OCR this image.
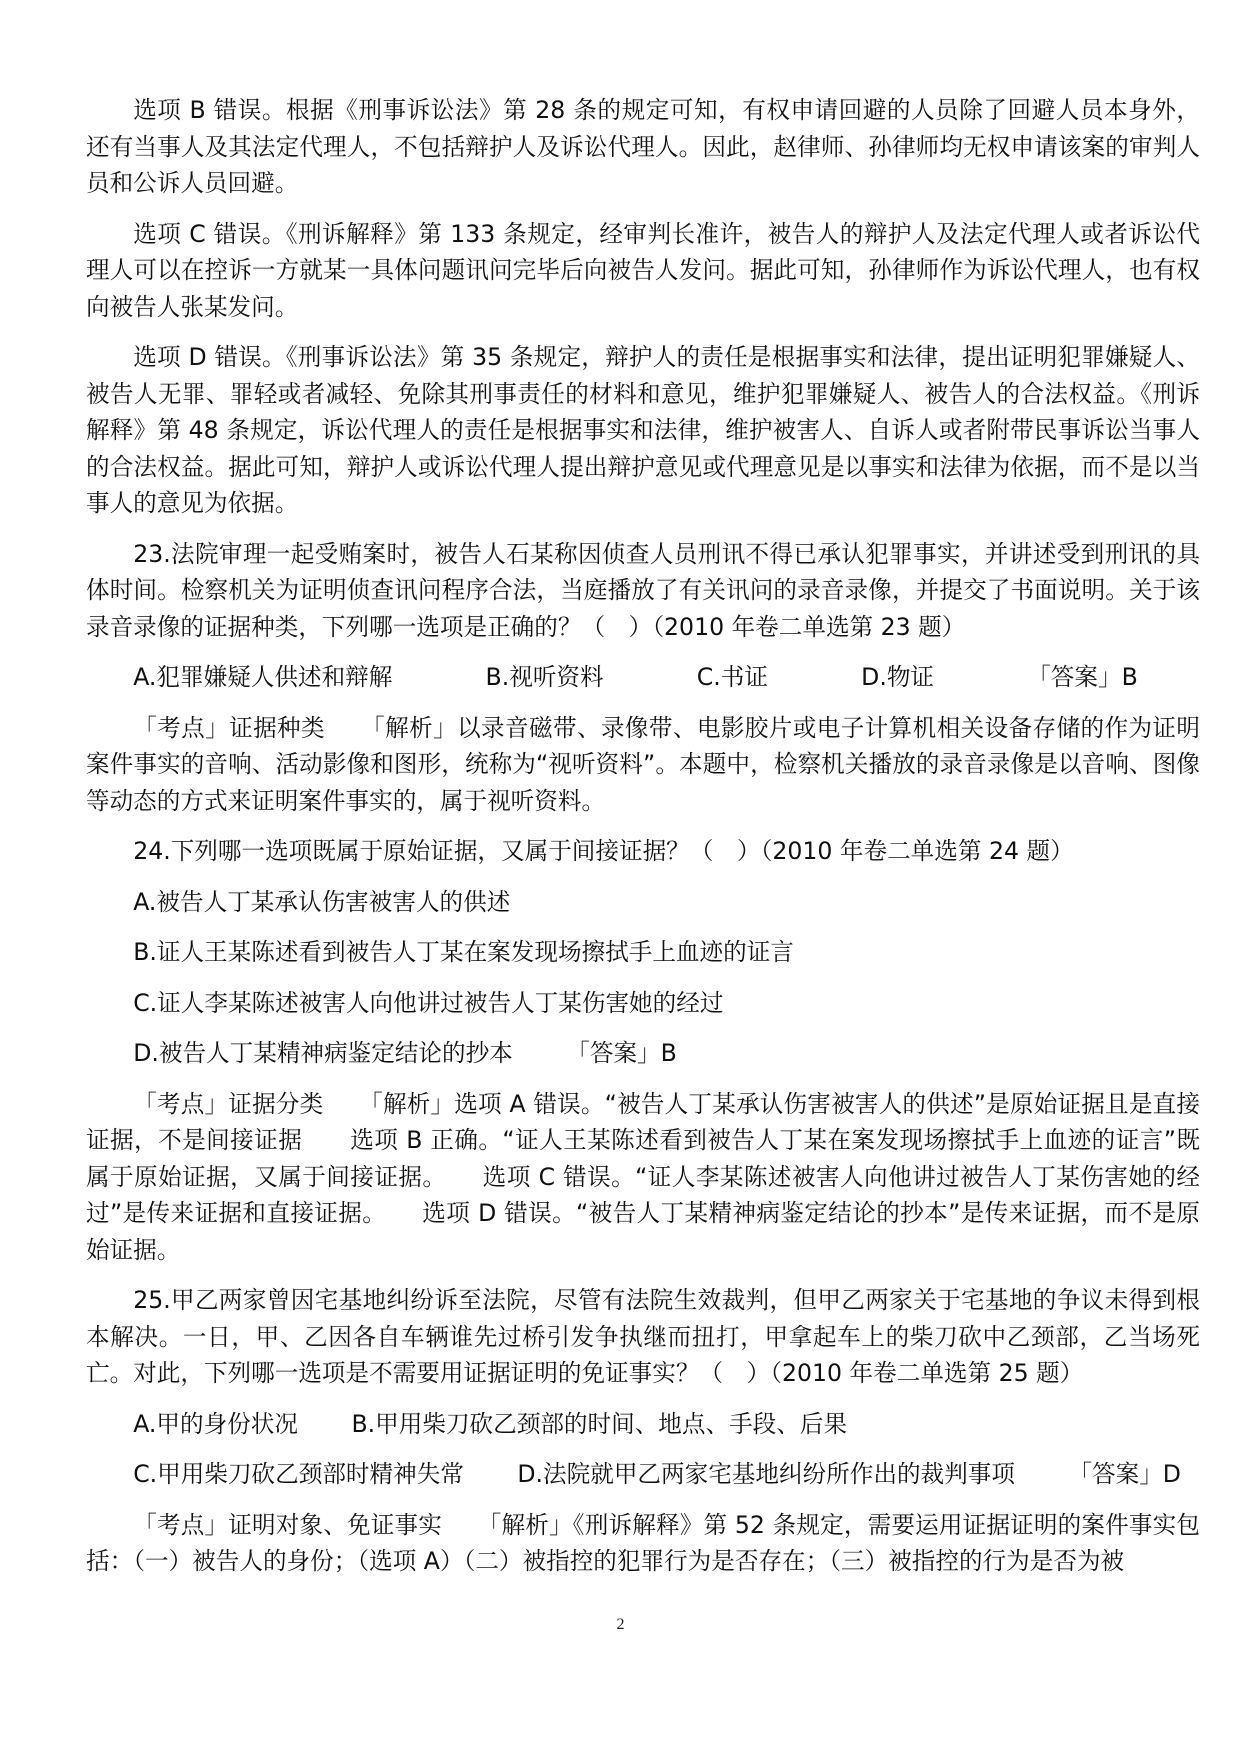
选项 B 错误。根据《刑事诉讼法》第 28 条的规定可知，有权申请回避的人员除了回避人员本身外，还有当事人及其法定代理人，不包括辩护人及诉讼代理人。因此，赵律师、孙律师均无权申请该案的审判人员和公诉人员回避。

选项 C 错误。《刑诉解释》第 133 条规定，经审判长准许，被告人的辩护人及法定代理人或者诉讼代理人可以在控诉一方就某一具体问题讯问完毕后向被告人发问。据此可知，孙律师作为诉讼代理人，也有权向被告人张某发问。

选项 D 错误。《刑事诉讼法》第 35 条规定，辩护人的责任是根据事实和法律，提出证明犯罪嫌疑人、被告人无罪、罪轻或者减轻、免除其刑事责任的材料和意见，维护犯罪嫌疑人、被告人的合法权益。《刑诉解释》第 48 条规定，诉讼代理人的责任是根据事实和法律，维护被害人、自诉人或者附带民事诉讼当事人的合法权益。据此可知，辩护人或诉讼代理人提出辩护意见或代理意见是以事实和法律为依据，而不是以当事人的意见为依据。

23.法院审理一起受贿案时，被告人石某称因侦查人员刑讯不得已承认犯罪事实，并讲述受到刑讯的具体时间。检察机关为证明侦查讯问程序合法，当庭播放了有关讯问的录音录像，并提交了书面说明。关于该录音录像的证据种类，下列哪一选项是正确的？（　）（2010 年卷二单选第 23 题）

A.犯罪嫌疑人供述和辩解	B.视听资料	C.书证	D.物证	「答案」B

「考点」证据种类　　「解析」以录音磁带、录像带、电影胶片或电子计算机相关设备存储的作为证明案件事实的音响、活动影像和图形，统称为“视听资料”。本题中，检察机关播放的录音录像是以音响、图像等动态的方式来证明案件事实的，属于视听资料。

24.下列哪一选项既属于原始证据，又属于间接证据？（　）（2010 年卷二单选第 24 题）

A.被告人丁某承认伤害被害人的供述

B.证人王某陈述看到被告人丁某在案发现场擦拭手上血迹的证言

C.证人李某陈述被害人向他讲过被告人丁某伤害她的经过

D.被告人丁某精神病鉴定结论的抄本 「答案」B

「考点」证据分类　　「解析」选项 A 错误。“被告人丁某承认伤害被害人的供述”是原始证据且是直接证据，不是间接证据　　选项 B 正确。“证人王某陈述看到被告人丁某在案发现场擦拭手上血迹的证言”既属于原始证据，又属于间接证据。　　选项 C 错误。“证人李某陈述被害人向他讲过被告人丁某伤害她的经过”是传来证据和直接证据。　　选项 D 错误。“被告人丁某精神病鉴定结论的抄本”是传来证据，而不是原始证据。

25.甲乙两家曾因宅基地纠纷诉至法院，尽管有法院生效裁判，但甲乙两家关于宅基地的争议未得到根本解决。一日，甲、乙因各自车辆谁先过桥引发争执继而扭打，甲拿起车上的柴刀砍中乙颈部，乙当场死亡。对此，下列哪一选项是不需要用证据证明的免证事实？（　）（2010 年卷二单选第 25 题）

A.甲的身份状况 B.甲用柴刀砍乙颈部的时间、地点、手段、后果

C.甲用柴刀砍乙颈部时精神失常 D.法院就甲乙两家宅基地纠纷所作出的裁判事项 「答案」D

「考点」证明对象、免证事实　　「解析」《刑诉解释》第 52 条规定，需要运用证据证明的案件事实包括：（一）被告人的身份；（选项 A）（二）被指控的犯罪行为是否存在；（三）被指控的行为是否为被

2
